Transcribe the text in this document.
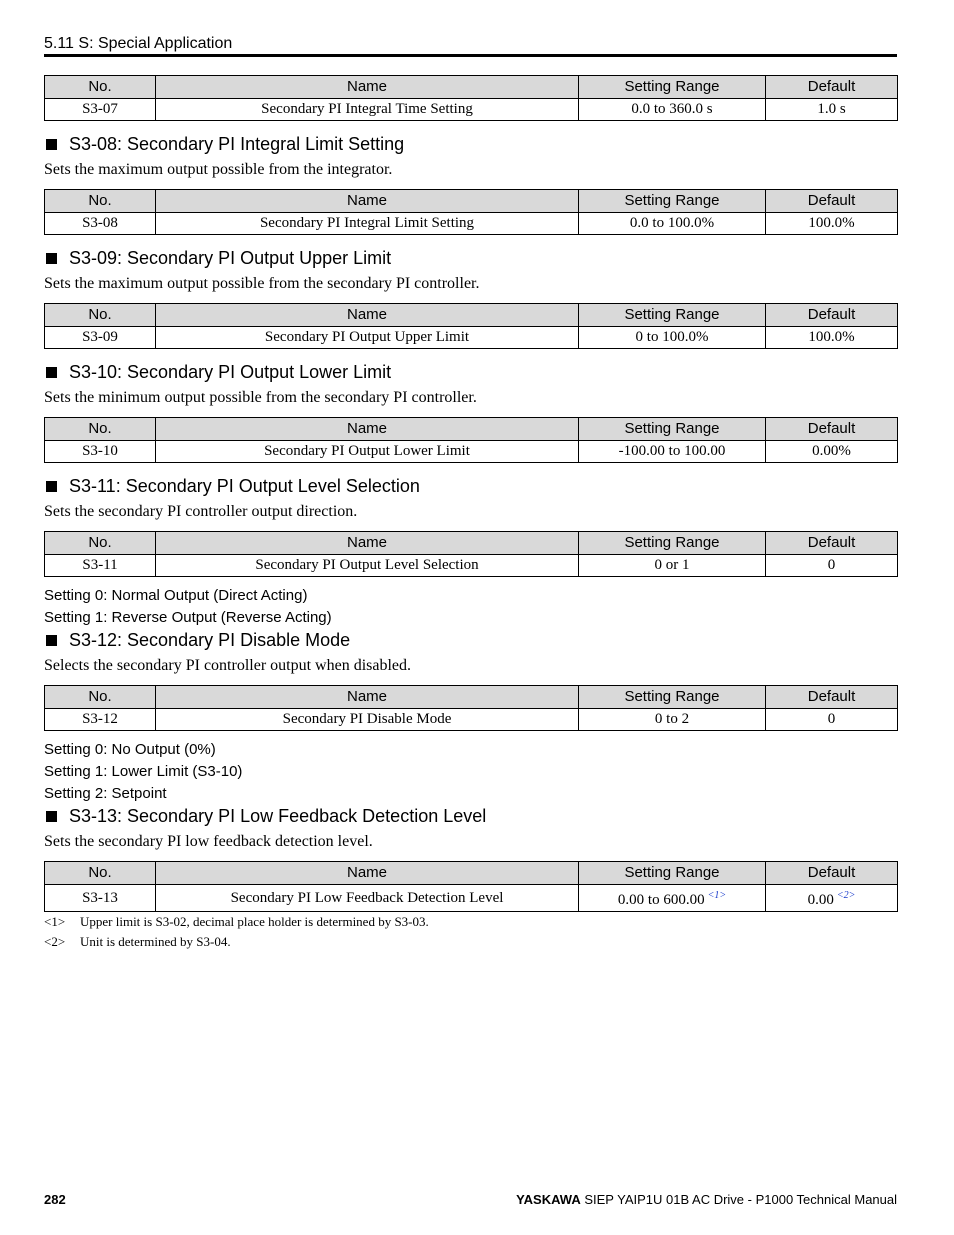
5.11 S: Special Application
No.	Name	Setting Range	Default
S3-07	Secondary PI Integral Time Setting	0.0 to 360.0 s	1.0 s
S3-08: Secondary PI Integral Limit Setting
Sets the maximum output possible from the integrator.
No.	Name	Setting Range	Default
S3-08	Secondary PI Integral Limit Setting	0.0 to 100.0%	100.0%
S3-09: Secondary PI Output Upper Limit
Sets the maximum output possible from the secondary PI controller.
No.	Name	Setting Range	Default
S3-09	Secondary PI Output Upper Limit	0 to 100.0%	100.0%
S3-10: Secondary PI Output Lower Limit
Sets the minimum output possible from the secondary PI controller.
No.	Name	Setting Range	Default
S3-10	Secondary PI Output Lower Limit	-100.00 to 100.00	0.00%
S3-11: Secondary PI Output Level Selection
Sets the secondary PI controller output direction.
No.	Name	Setting Range	Default
S3-11	Secondary PI Output Level Selection	0 or 1	0
Setting 0: Normal Output (Direct Acting)
Setting 1: Reverse Output (Reverse Acting)
S3-12: Secondary PI Disable Mode
Selects the secondary PI controller output when disabled.
No.	Name	Setting Range	Default
S3-12	Secondary PI Disable Mode	0 to 2	0
Setting 0: No Output (0%)
Setting 1: Lower Limit (S3-10)
Setting 2: Setpoint
S3-13: Secondary PI Low Feedback Detection Level
Sets the secondary PI low feedback detection level.
No.	Name	Setting Range	Default
S3-13	Secondary PI Low Feedback Detection Level	0.00 to 600.00 $^{<1>}$	0.00 $^{<2>}$
<1> Upper limit is S3-02, decimal place holder is determined by S3-03.
<2> Unit is determined by S3-04.
282	YASKAWA SIEP YAIP1U 01B AC Drive - P1000 Technical Manual
